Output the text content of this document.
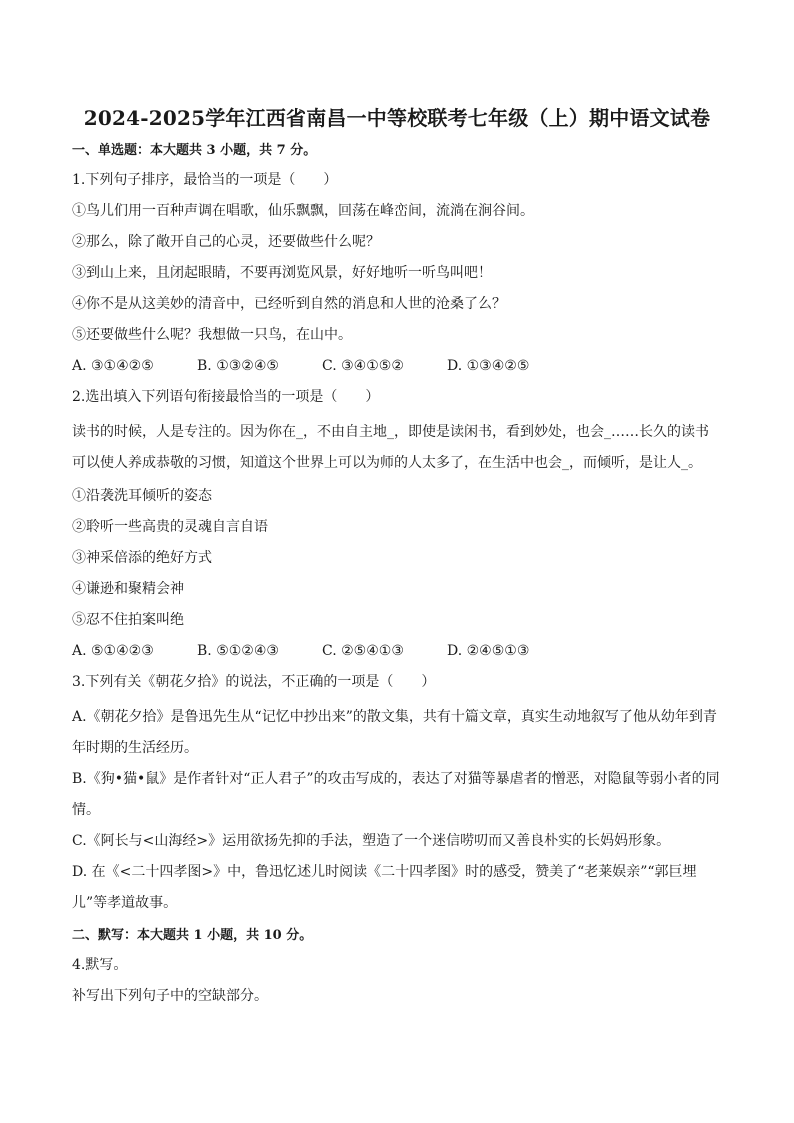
2024-2025学年江西省南昌一中等校联考七年级（上）期中语文试卷
一、单选题：本大题共 3 小题，共 7 分。
1.下列句子排序，最恰当的一项是（　　）
①鸟儿们用一百种声调在唱歌，仙乐飘飘，回荡在峰峦间，流淌在涧谷间。
②那么，除了敞开自己的心灵，还要做些什么呢？
③到山上来，且闭起眼睛，不要再浏览风景，好好地听一听鸟叫吧！
④你不是从这美妙的清音中，已经听到自然的消息和人世的沧桑了么？
⑤还要做些什么呢？我想做一只鸟，在山中。
A. ③①④②⑤	B. ①③②④⑤	C. ③④①⑤②	D. ①③④②⑤
2.选出填入下列语句衔接最恰当的一项是（　　）
读书的时候，人是专注的。因为你在_，不由自主地_，即使是读闲书，看到妙处，也会_……长久的读书可以使人养成恭敬的习惯，知道这个世界上可以为师的人太多了，在生活中也会_，而倾听，是让人_。
①沿袭洗耳倾听的姿态
②聆听一些高贵的灵魂自言自语
③神采倍添的绝好方式
④谦逊和聚精会神
⑤忍不住拍案叫绝
A. ⑤①④②③	B. ⑤①②④③	C. ②⑤④①③	D. ②④⑤①③
3.下列有关《朝花夕拾》的说法，不正确的一项是（　　）
A.《朝花夕拾》是鲁迅先生从“记忆中抄出来”的散文集，共有十篇文章，真实生动地叙写了他从幼年到青年时期的生活经历。
B.《狗•猫•鼠》是作者针对“正人君子”的攻击写成的，表达了对猫等暴虐者的憎恶，对隐鼠等弱小者的同情。
C.《阿长与<山海经>》运用欲扬先抑的手法，塑造了一个迷信唠叨而又善良朴实的长妈妈形象。
D. 在《<二十四孝图>》中，鲁迅忆述儿时阅读《二十四孝图》时的感受，赞美了“老莱娱亲”“郭巨埋儿”等孝道故事。
二、默写：本大题共 1 小题，共 10 分。
4.默写。
补写出下列句子中的空缺部分。
